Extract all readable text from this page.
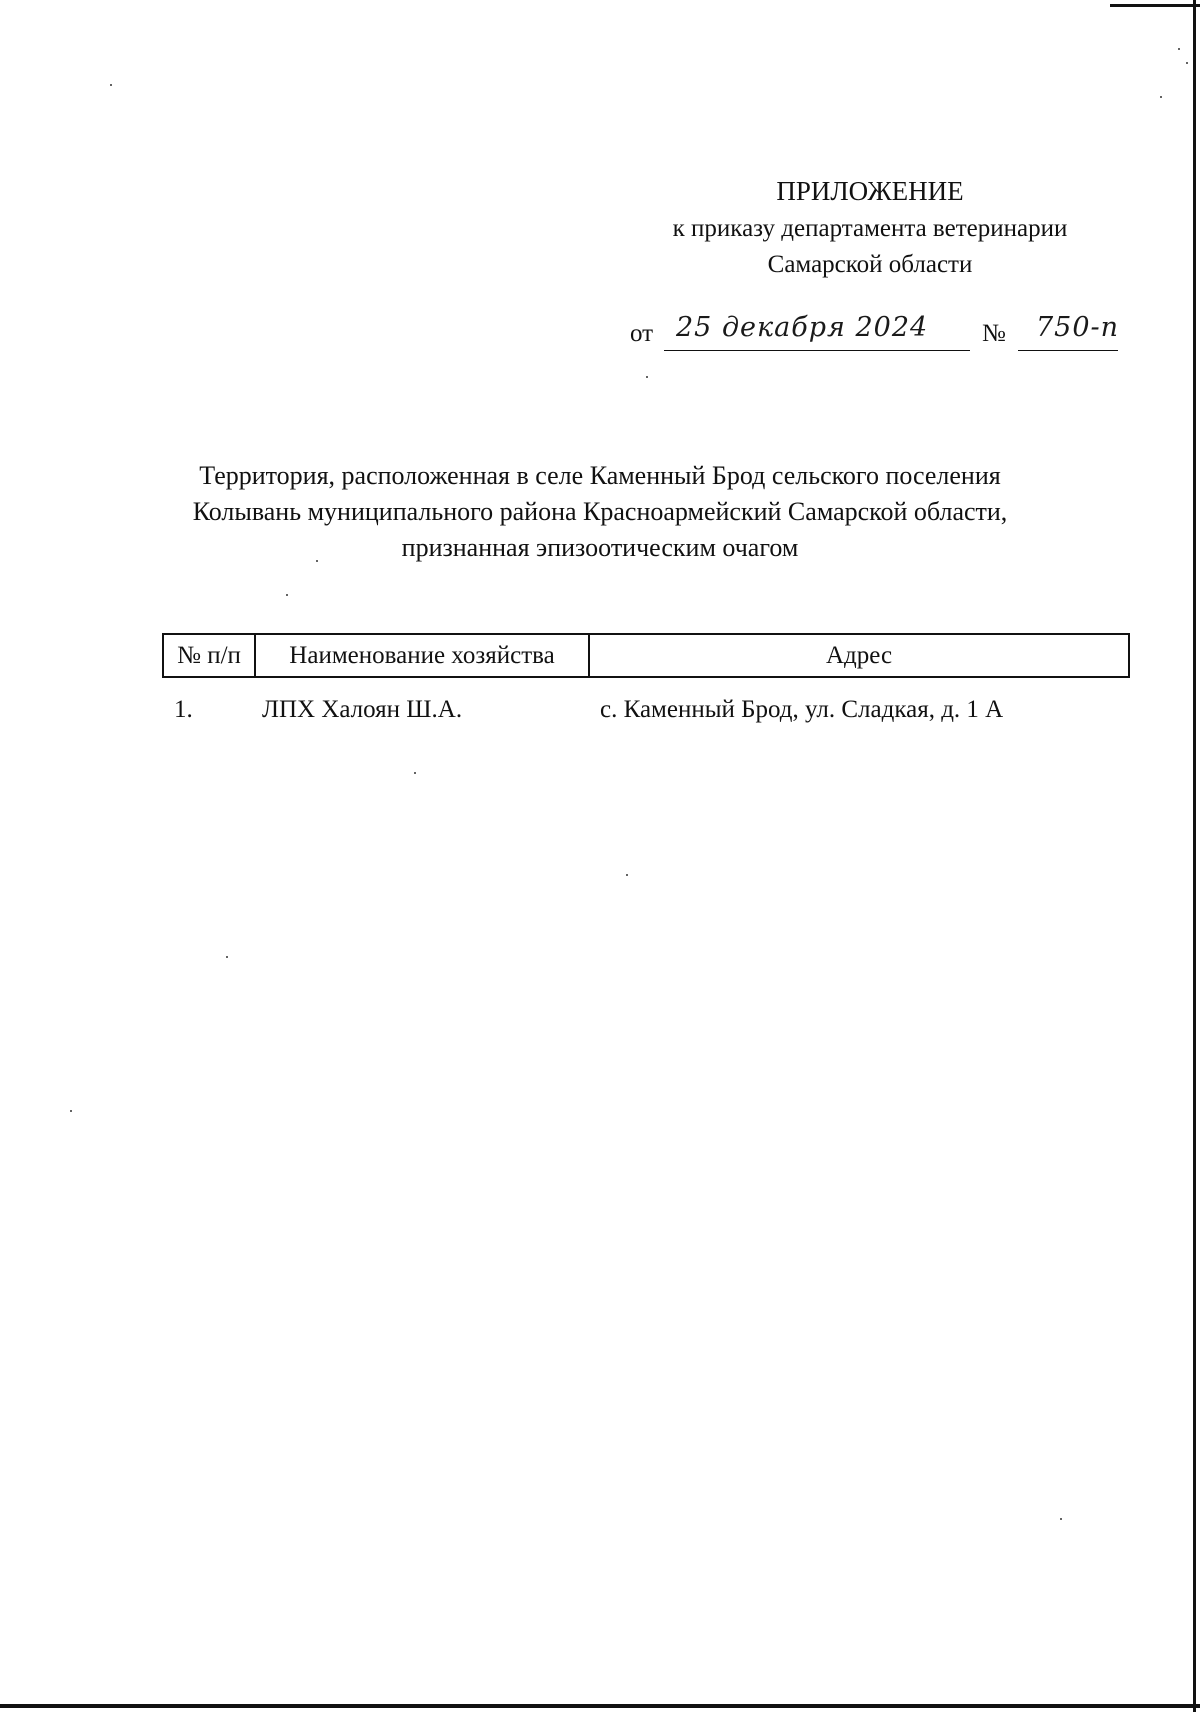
ПРИЛОЖЕНИЕ
к приказу департамента ветеринарии
Самарской области
от 25 декабря 2024 № 750-п
Территория, расположенная в селе Каменный Брод сельского поселения
Колывань муниципального района Красноармейский Самарской области,
признанная эпизоотическим очагом
№ п/п	Наименование хозяйства	Адрес
1.	ЛПХ Халоян Ш.А.	с. Каменный Брод, ул. Сладкая, д. 1 А
